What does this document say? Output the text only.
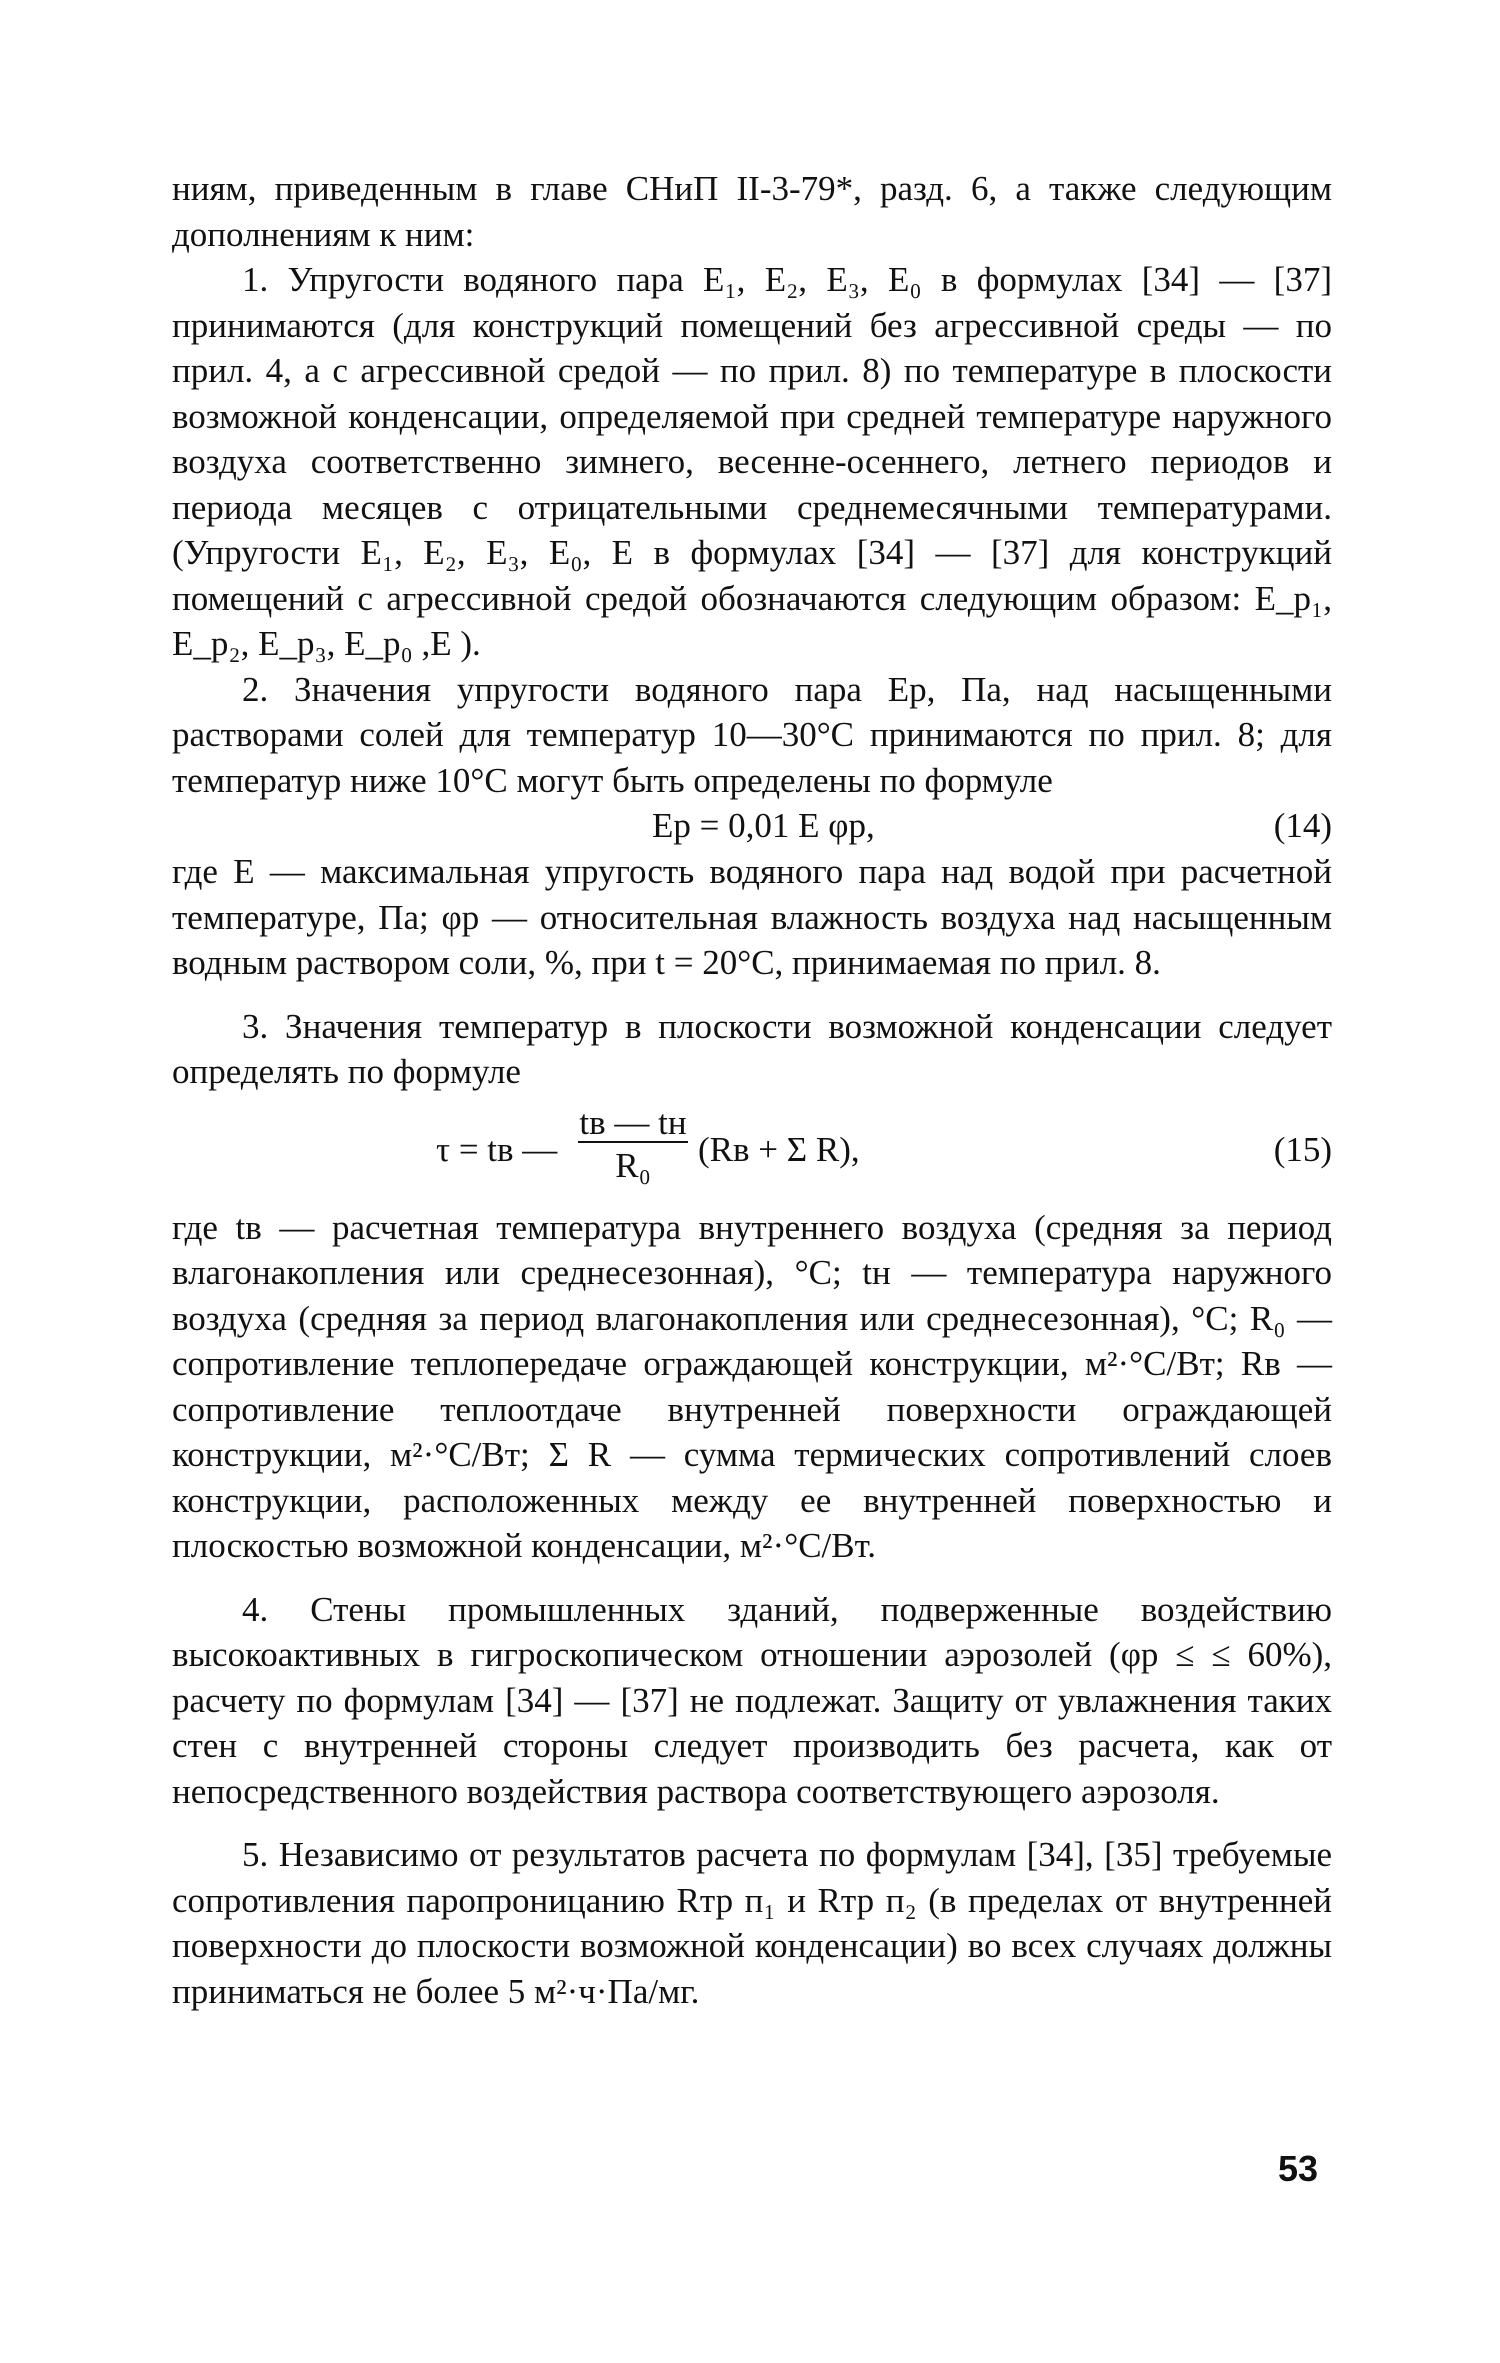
ниям, приведенным в главе СНиП II-3-79*, разд. 6, а также следующим дополнениям к ним:

1. Упругости водяного пара E₁, E₂, E₃, E₀ в формулах [34] — [37] принимаются (для конструкций помещений без агрессивной среды — по прил. 4, а с агрессивной средой — по прил. 8) по температуре в плоскости возможной конденсации, определяемой при средней температуре наружного воздуха соответственно зимнего, весенне-осеннего, летнего периодов и периода месяцев с отрицательными среднемесячными температурами. (Упругости E₁, E₂, E₃, E₀, E в формулах [34] — [37] для конструкций помещений с агрессивной средой обозначаются следующим образом: E_p₁, E_p₂, E_p₃, E_p₀ ,E ).

2. Значения упругости водяного пара Eр, Па, над насыщенными растворами солей для температур 10—30°С принимаются по прил. 8; для температур ниже 10°С могут быть определены по формуле

Eр = 0,01 E φр,	(14)

где E — максимальная упругость водяного пара над водой при расчетной температуре, Па; φр — относительная влажность воздуха над насыщенным водным раствором соли, %, при t = 20°С, принимаемая по прил. 8.

3. Значения температур в плоскости возможной конденсации следует определять по формуле

τ = tв —
tв — tн
R₀	(Rв + Σ R),	(15)

где tв — расчетная температура внутреннего воздуха (средняя за период влагонакопления или среднесезонная), °С; tн — температура наружного воздуха (средняя за период влагонакопления или среднесезонная), °С; R₀ — сопротивление теплопередаче ограждающей конструкции, м²·°С/Вт; Rв — сопротивление теплоотдаче внутренней поверхности ограждающей конструкции, м²·°С/Вт; Σ R — сумма термических сопротивлений слоев конструкции, расположенных между ее внутренней поверхностью и плоскостью возможной конденсации, м²·°С/Вт.

4. Стены промышленных зданий, подверженные воздействию высокоактивных в гигроскопическом отношении аэрозолей (φр ≤ ≤ 60%), расчету по формулам [34] — [37] не подлежат. Защиту от увлажнения таких стен с внутренней стороны следует производить без расчета, как от непосредственного воздействия раствора соответствующего аэрозоля.

5. Независимо от результатов расчета по формулам [34], [35] требуемые сопротивления паропроницанию Rтр п₁ и Rтр п₂ (в пределах от внутренней поверхности до плоскости возможной конденсации) во всех случаях должны приниматься не более 5 м²·ч·Па/мг.

53
